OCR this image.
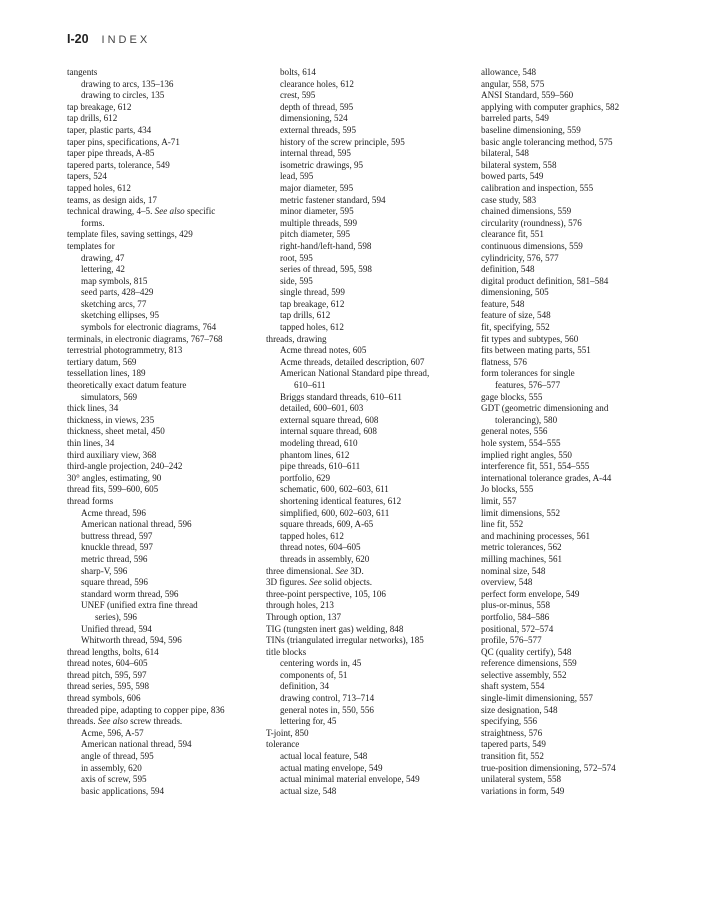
I-20 INDEX
tangents
drawing to arcs, 135–136
drawing to circles, 135
tap breakage, 612
tap drills, 612
taper, plastic parts, 434
taper pins, specifications, A-71
taper pipe threads, A-85
tapered parts, tolerance, 549
tapers, 524
tapped holes, 612
teams, as design aids, 17
technical drawing, 4–5. See also specific
forms.
template files, saving settings, 429
templates for
drawing, 47
lettering, 42
map symbols, 815
seed parts, 428–429
sketching arcs, 77
sketching ellipses, 95
symbols for electronic diagrams, 764
terminals, in electronic diagrams, 767–768
terrestrial photogrammetry, 813
tertiary datum, 569
tessellation lines, 189
theoretically exact datum feature
simulators, 569
thick lines, 34
thickness, in views, 235
thickness, sheet metal, 450
thin lines, 34
third auxiliary view, 368
third-angle projection, 240–242
30° angles, estimating, 90
thread fits, 599–600, 605
thread forms
Acme thread, 596
American national thread, 596
buttress thread, 597
knuckle thread, 597
metric thread, 596
sharp-V, 596
square thread, 596
standard worm thread, 596
UNEF (unified extra fine thread
series), 596
Unified thread, 594
Whitworth thread, 594, 596
thread lengths, bolts, 614
thread notes, 604–605
thread pitch, 595, 597
thread series, 595, 598
thread symbols, 606
threaded pipe, adapting to copper pipe, 836
threads. See also screw threads.
Acme, 596, A-57
American national thread, 594
angle of thread, 595
in assembly, 620
axis of screw, 595
basic applications, 594
bolts, 614
clearance holes, 612
crest, 595
depth of thread, 595
dimensioning, 524
external threads, 595
history of the screw principle, 595
internal thread, 595
isometric drawings, 95
lead, 595
major diameter, 595
metric fastener standard, 594
minor diameter, 595
multiple threads, 599
pitch diameter, 595
right-hand/left-hand, 598
root, 595
series of thread, 595, 598
side, 595
single thread, 599
tap breakage, 612
tap drills, 612
tapped holes, 612
threads, drawing
Acme thread notes, 605
Acme threads, detailed description, 607
American National Standard pipe thread,
610–611
Briggs standard threads, 610–611
detailed, 600–601, 603
external square thread, 608
internal square thread, 608
modeling thread, 610
phantom lines, 612
pipe threads, 610–611
portfolio, 629
schematic, 600, 602–603, 611
shortening identical features, 612
simplified, 600, 602–603, 611
square threads, 609, A-65
tapped holes, 612
thread notes, 604–605
threads in assembly, 620
three dimensional. See 3D.
3D figures. See solid objects.
three-point perspective, 105, 106
through holes, 213
Through option, 137
TIG (tungsten inert gas) welding, 848
TINs (triangulated irregular networks), 185
title blocks
centering words in, 45
components of, 51
definition, 34
drawing control, 713–714
general notes in, 550, 556
lettering for, 45
T-joint, 850
tolerance
actual local feature, 548
actual mating envelope, 549
actual minimal material envelope, 549
actual size, 548
allowance, 548
angular, 558, 575
ANSI Standard, 559–560
applying with computer graphics, 582
barreled parts, 549
baseline dimensioning, 559
basic angle tolerancing method, 575
bilateral, 548
bilateral system, 558
bowed parts, 549
calibration and inspection, 555
case study, 583
chained dimensions, 559
circularity (roundness), 576
clearance fit, 551
continuous dimensions, 559
cylindricity, 576, 577
definition, 548
digital product definition, 581–584
dimensioning, 505
feature, 548
feature of size, 548
fit, specifying, 552
fit types and subtypes, 560
fits between mating parts, 551
flatness, 576
form tolerances for single
features, 576–577
gage blocks, 555
GDT (geometric dimensioning and
tolerancing), 580
general notes, 556
hole system, 554–555
implied right angles, 550
interference fit, 551, 554–555
international tolerance grades, A-44
Jo blocks, 555
limit, 557
limit dimensions, 552
line fit, 552
and machining processes, 561
metric tolerances, 562
milling machines, 561
nominal size, 548
overview, 548
perfect form envelope, 549
plus-or-minus, 558
portfolio, 584–586
positional, 572–574
profile, 576–577
QC (quality certify), 548
reference dimensions, 559
selective assembly, 552
shaft system, 554
single-limit dimensioning, 557
size designation, 548
specifying, 556
straightness, 576
tapered parts, 549
transition fit, 552
true-position dimensioning, 572–574
unilateral system, 558
variations in form, 549
